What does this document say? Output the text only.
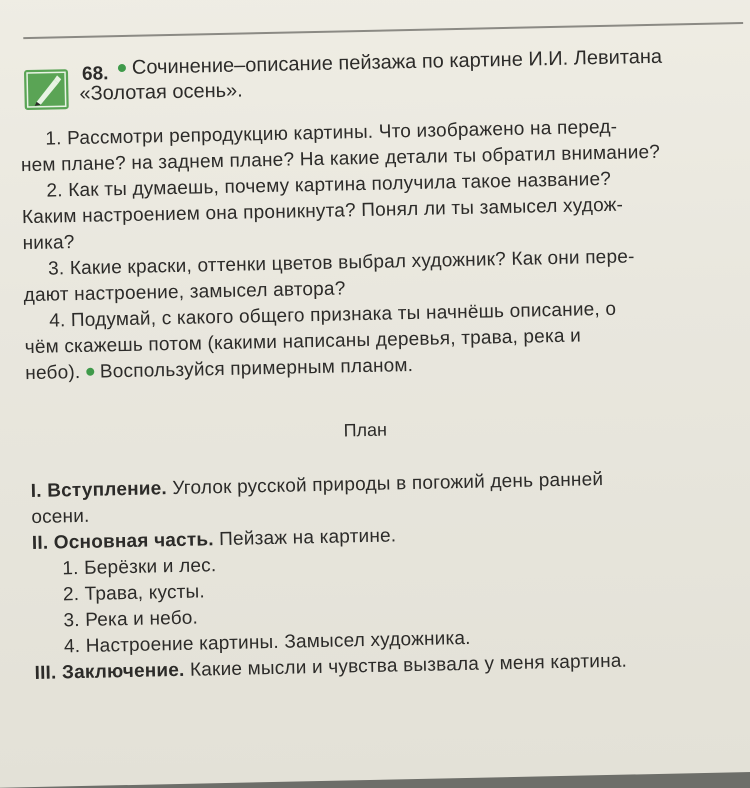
68.	Сочинение–описание пейзажа по картине И.И. Левитана
«Золотая осень».
1. Рассмотри репродукцию картины. Что изображено на перед-
нем плане? на заднем плане? На какие детали ты обратил внимание?
2. Как ты думаешь, почему картина получила такое название?
Каким настроением она проникнута? Понял ли ты замысел худож-
ника?
3. Какие краски, оттенки цветов выбрал художник? Как они пере-
дают настроение, замысел автора?
4. Подумай, с какого общего признака ты начнёшь описание, о
чём скажешь потом (какими написаны деревья, трава, река и
небо). Воспользуйся примерным планом.
План
I. Вступление. Уголок русской природы в погожий день ранней
осени.
II. Основная часть. Пейзаж на картине.
1. Берёзки и лес.
2. Трава, кусты.
3. Река и небо.
4. Настроение картины. Замысел художника.
III. Заключение. Какие мысли и чувства вызвала у меня картина.
